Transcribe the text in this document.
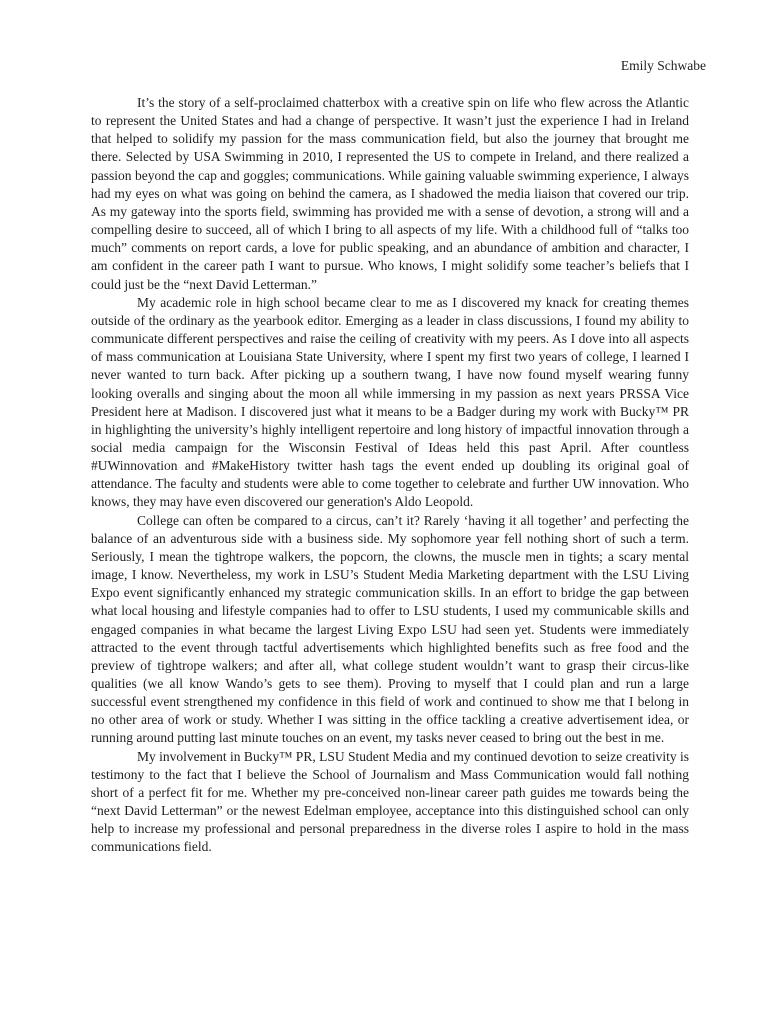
Emily Schwabe

It’s the story of a self-proclaimed chatterbox with a creative spin on life who flew across the Atlantic to represent the United States and had a change of perspective. It wasn’t just the experience I had in Ireland that helped to solidify my passion for the mass communication field, but also the journey that brought me there. Selected by USA Swimming in 2010, I represented the US to compete in Ireland, and there realized a passion beyond the cap and goggles; communications. While gaining valuable swimming experience, I always had my eyes on what was going on behind the camera, as I shadowed the media liaison that covered our trip. As my gateway into the sports field, swimming has provided me with a sense of devotion, a strong will and a compelling desire to succeed, all of which I bring to all aspects of my life. With a childhood full of “talks too much” comments on report cards, a love for public speaking, and an abundance of ambition and character, I am confident in the career path I want to pursue. Who knows, I might solidify some teacher’s beliefs that I could just be the “next David Letterman.”

My academic role in high school became clear to me as I discovered my knack for creating themes outside of the ordinary as the yearbook editor. Emerging as a leader in class discussions, I found my ability to communicate different perspectives and raise the ceiling of creativity with my peers. As I dove into all aspects of mass communication at Louisiana State University, where I spent my first two years of college, I learned I never wanted to turn back. After picking up a southern twang, I have now found myself wearing funny looking overalls and singing about the moon all while immersing in my passion as next years PRSSA Vice President here at Madison. I discovered just what it means to be a Badger during my work with Bucky™ PR in highlighting the university’s highly intelligent repertoire and long history of impactful innovation through a social media campaign for the Wisconsin Festival of Ideas held this past April. After countless #UWinnovation and #MakeHistory twitter hash tags the event ended up doubling its original goal of attendance. The faculty and students were able to come together to celebrate and further UW innovation. Who knows, they may have even discovered our generation's Aldo Leopold.

College can often be compared to a circus, can’t it? Rarely ‘having it all together’ and perfecting the balance of an adventurous side with a business side. My sophomore year fell nothing short of such a term. Seriously, I mean the tightrope walkers, the popcorn, the clowns, the muscle men in tights; a scary mental image, I know. Nevertheless, my work in LSU’s Student Media Marketing department with the LSU Living Expo event significantly enhanced my strategic communication skills. In an effort to bridge the gap between what local housing and lifestyle companies had to offer to LSU students, I used my communicable skills and engaged companies in what became the largest Living Expo LSU had seen yet. Students were immediately attracted to the event through tactful advertisements which highlighted benefits such as free food and the preview of tightrope walkers; and after all, what college student wouldn’t want to grasp their circus-like qualities (we all know Wando’s gets to see them). Proving to myself that I could plan and run a large successful event strengthened my confidence in this field of work and continued to show me that I belong in no other area of work or study. Whether I was sitting in the office tackling a creative advertisement idea, or running around putting last minute touches on an event, my tasks never ceased to bring out the best in me.

My involvement in Bucky™ PR, LSU Student Media and my continued devotion to seize creativity is testimony to the fact that I believe the School of Journalism and Mass Communication would fall nothing short of a perfect fit for me. Whether my pre-conceived non-linear career path guides me towards being the “next David Letterman” or the newest Edelman employee, acceptance into this distinguished school can only help to increase my professional and personal preparedness in the diverse roles I aspire to hold in the mass communications field.
